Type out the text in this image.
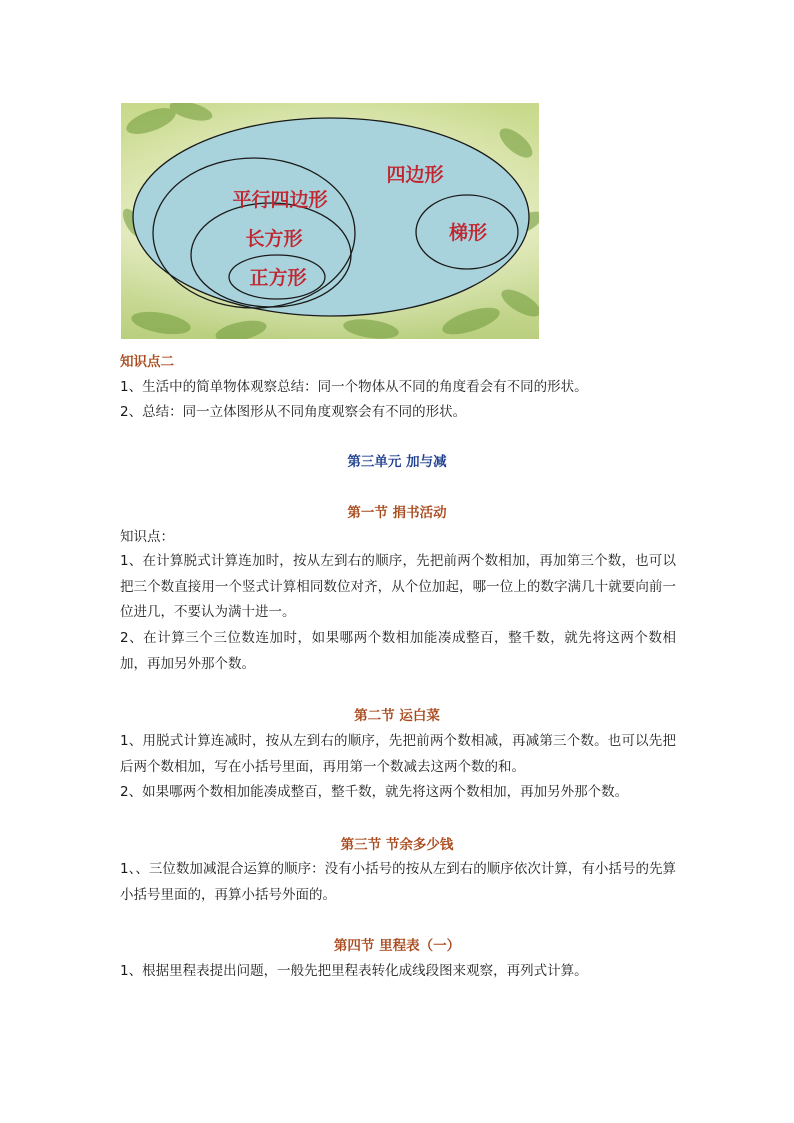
四边形
平行四边形
长方形
正方形
梯形
知识点二
1、生活中的简单物体观察总结：同一个物体从不同的角度看会有不同的形状。
2、总结：同一立体图形从不同角度观察会有不同的形状。
第三单元 加与减
第一节 捐书活动
知识点：
1、在计算脱式计算连加时，按从左到右的顺序，先把前两个数相加，再加第三个数，也可以把三个数直接用一个竖式计算相同数位对齐，从个位加起，哪一位上的数字满几十就要向前一位进几，不要认为满十进一。
2、在计算三个三位数连加时，如果哪两个数相加能凑成整百，整千数，就先将这两个数相加，再加另外那个数。
第二节 运白菜
1、用脱式计算连减时，按从左到右的顺序，先把前两个数相减，再减第三个数。也可以先把后两个数相加，写在小括号里面，再用第一个数减去这两个数的和。
2、如果哪两个数相加能凑成整百，整千数，就先将这两个数相加，再加另外那个数。
第三节 节余多少钱
1、、三位数加减混合运算的顺序：没有小括号的按从左到右的顺序依次计算，有小括号的先算小括号里面的，再算小括号外面的。
第四节 里程表（一）
1、根据里程表提出问题，一般先把里程表转化成线段图来观察，再列式计算。
